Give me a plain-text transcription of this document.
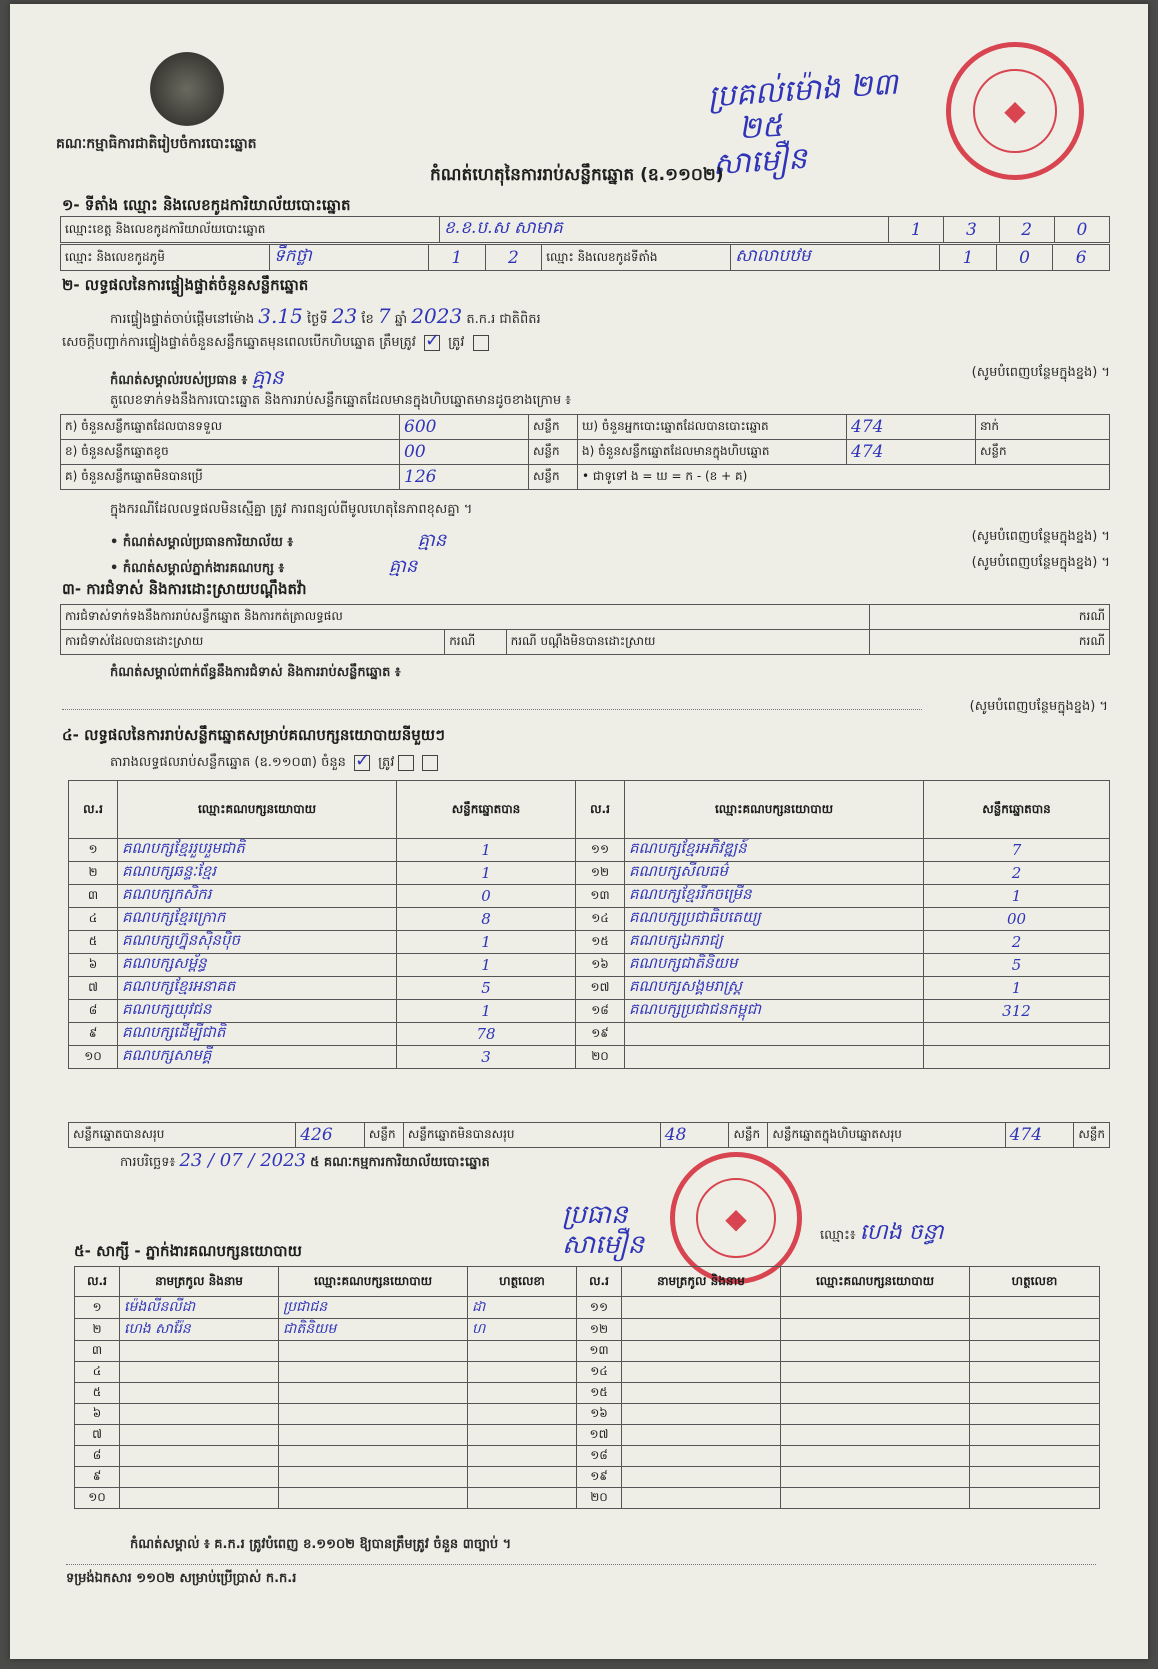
គណៈកម្មាធិការជាតិរៀបចំការបោះឆ្នោត
ប្រគល់ម៉ោង ២៣
២៥
សាមឿន
◆
កំណត់ហេតុនៃការរាប់សន្លឹកឆ្នោត (ឧ.១១០២)
១- ទីតាំង ឈ្មោះ និងលេខកូដការិយាល័យបោះឆ្នោត
ឈ្មោះខេត្ត និងលេខកូដការិយាល័យបោះឆ្នោត	ខ.ខ.ប.ស សាមាគ	1	3	2	0
ឈ្មោះ និងលេខកូដភូមិ	ទឹកថ្លា	1	2	ឈ្មោះ និងលេខកូដទីតាំង	សាលាបឋម	1	0	6
២- លទ្ធផលនៃការផ្ទៀងផ្ទាត់ចំនួនសន្លឹកឆ្នោត
ការផ្ទៀងផ្ទាត់ចាប់ផ្តើមនៅម៉ោង 3.15 ថ្ងៃទី 23 ខែ 7 ឆ្នាំ 2023 ត.ក.រ ជាតិពិតរ
សេចក្តីបញ្ជាក់ការផ្ទៀងផ្ទាត់ចំនួនសន្លឹកឆ្នោតមុនពេលបើកហិបឆ្នោត ត្រឹមត្រូវ ✓ ត្រូវ
កំណត់សម្គាល់របស់ប្រធាន ៖ គ្មាន	(សូមបំពេញបន្ថែមក្នុងខ្នង) ។
តួលេខទាក់ទងនឹងការបោះឆ្នោត និងការរាប់សន្លឹកឆ្នោតដែលមានក្នុងហិបឆ្នោតមានដូចខាងក្រោម ៖
ក) ចំនួនសន្លឹកឆ្នោតដែលបានទទួល	600	សន្លឹក	ឃ) ចំនួនអ្នកបោះឆ្នោតដែលបានបោះឆ្នោត	474	នាក់
ខ) ចំនួនសន្លឹកឆ្នោតខូច	00	សន្លឹក	ង) ចំនួនសន្លឹកឆ្នោតដែលមានក្នុងហិបឆ្នោត	474	សន្លឹក
គ) ចំនួនសន្លឹកឆ្នោតមិនបានប្រើ	126	សន្លឹក	• ជាទូទៅ ង = ឃ = ក - (ខ + គ)		
ក្នុងករណីដែលលទ្ធផលមិនស្មើគ្នា ត្រូវ ការពន្យល់ពីមូលហេតុនៃភាពខុសគ្នា ។
• កំណត់សម្គាល់ប្រធានការិយាល័យ ៖	គ្មាន	(សូមបំពេញបន្ថែមក្នុងខ្នង) ។
• កំណត់សម្គាល់ភ្នាក់ងារគណបក្ស ៖	គ្មាន	(សូមបំពេញបន្ថែមក្នុងខ្នង) ។
៣- ការជំទាស់ និងការដោះស្រាយបណ្តឹងតវ៉ា
ការជំទាស់ទាក់ទងនឹងការរាប់សន្លឹកឆ្នោត និងការកត់ត្រាលទ្ធផល			ករណី
ការជំទាស់ដែលបានដោះស្រាយ	ករណី	ករណី បណ្តឹងមិនបានដោះស្រាយ	ករណី
កំណត់សម្គាល់ពាក់ព័ន្ធនឹងការជំទាស់ និងការរាប់សន្លឹកឆ្នោត ៖
(សូមបំពេញបន្ថែមក្នុងខ្នង) ។
៤- លទ្ធផលនៃការរាប់សន្លឹកឆ្នោតសម្រាប់គណបក្សនយោបាយនីមួយៗ
តារាងលទ្ធផលរាប់សន្លឹកឆ្នោត (ឧ.១១០៣) ចំនួន ✓ ត្រូវ
ល.រ	ឈ្មោះគណបក្សនយោបាយ	សន្លឹកឆ្នោតបាន	ល.រ	ឈ្មោះគណបក្សនយោបាយ	សន្លឹកឆ្នោតបាន
១	គណបក្សខ្មែររួបរួមជាតិ	1	១១	គណបក្សខ្មែរអភិវឌ្ឍន៍	7
២	គណបក្សឆន្ទៈខ្មែរ	1	១២	គណបក្សសីលធម៌	2
៣	គណបក្សកសិករ	0	១៣	គណបក្សខ្មែររីកចម្រើន	1
៤	គណបក្សខ្មែរក្រោក	8	១៤	គណបក្សប្រជាធិបតេយ្យ	00
៥	គណបក្សហ្វ៊ុនស៊ិនប៉ិច	1	១៥	គណបក្សឯករាជ្យ	2
៦	គណបក្សសម្ព័ន្ធ	1	១៦	គណបក្សជាតិនិយម	5
៧	គណបក្សខ្មែរអនាគត	5	១៧	គណបក្សសង្គមរាស្ត្រ	1
៨	គណបក្សយុវជន	1	១៨	គណបក្សប្រជាជនកម្ពុជា	312
៩	គណបក្សដើម្បីជាតិ	78	១៩		
១០	គណបក្សសាមគ្គី	3	២០		
សន្លឹកឆ្នោតបានសរុប	426	សន្លឹក	សន្លឹកឆ្នោតមិនបានសរុប	48	សន្លឹក	សន្លឹកឆ្នោតក្នុងហិបឆ្នោតសរុប	474	សន្លឹក
ការបរិច្ឆេទ៖ 23 / 07 / 2023 ៥ គណៈកម្មការការិយាល័យបោះឆ្នោត
ប្រធាន
សាមឿន
◆
ឈ្មោះ៖ ហេង ចន្ធា
៥- សាក្សី - ភ្នាក់ងារគណបក្សនយោបាយ
ល.រ	នាមត្រកូល និងនាម	ឈ្មោះគណបក្សនយោបាយ	ហត្ថលេខា	ល.រ	នាមត្រកូល និងនាម	ឈ្មោះគណបក្សនយោបាយ	ហត្ថលេខា
១	ម៉េងលីនលីដា	ប្រជាជន	ដា	១១			
២	ហេង សារ៉ែន	ជាតិនិយម	ហ	១២			
៣				១៣			
៤				១៤			
៥				១៥			
៦				១៦			
៧				១៧			
៨				១៨			
៩				១៩			
១០				២០			
កំណត់សម្គាល់ ៖ គ.ក.រ ត្រូវបំពេញ ខ.១១០២ ឱ្យបានត្រឹមត្រូវ ចំនួន ៣ច្បាប់ ។
ទម្រង់ឯកសារ ១១០២ សម្រាប់ប្រើប្រាស់ ក.ក.រ
